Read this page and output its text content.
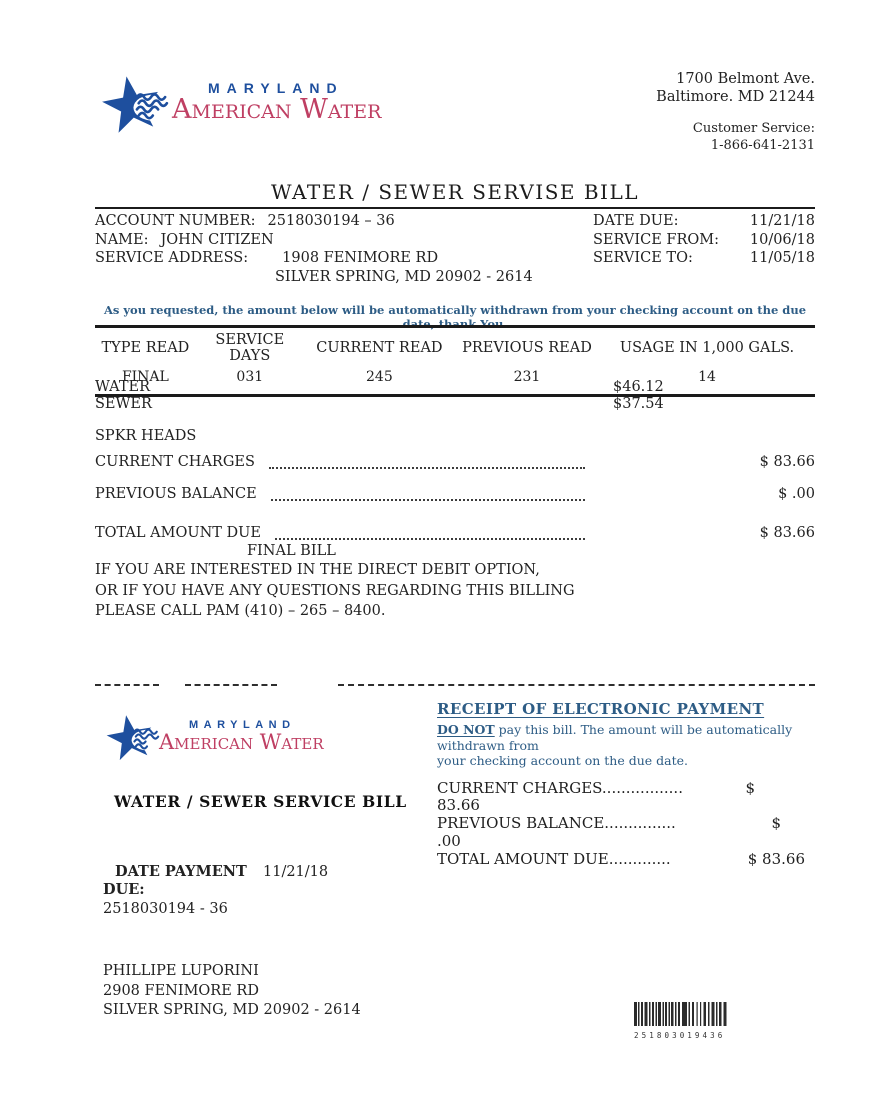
MARYLAND
American Water
1700 Belmont Ave.
Baltimore. MD 21244
Customer Service:
1-866-641-2131
WATER / SEWER SERVISE BILL
ACCOUNT NUMBER: 2518030194 – 36
NAME: JOHN CITIZEN
SERVICE ADDRESS: 1908 FENIMORE RD
SILVER SPRING, MD 20902 - 2614
DATE DUE:	11/21/18
SERVICE FROM: 10/06/18
SERVICE TO:	11/05/18
As you requested, the amount below will be automatically withdrawn from your checking account on the due date, thank You.
TYPE READ	SERVICE DAYS	CURRENT READ	PREVIOUS READ	USAGE IN 1,000 GALS.
FINAL	031	245	231	14
WATER	$46.12
SEWER	$37.54
SPKR HEADS
CURRENT CHARGES	$ 83.66
PREVIOUS BALANCE	$ .00
TOTAL AMOUNT DUE	$ 83.66
FINAL BILL
IF YOU ARE INTERESTED IN THE DIRECT DEBIT OPTION,
OR IF YOU HAVE ANY QUESTIONS REGARDING THIS BILLING
PLEASE CALL PAM (410) – 265 – 8400.
MARYLAND
American Water
WATER / SEWER SERVICE BILL
DATE PAYMENT DUE:
11/21/18
2518030194 - 36
PHILLIPE LUPORINI
2908 FENIMORE RD
SILVER SPRING, MD 20902 - 2614
RECEIPT OF ELECTRONIC PAYMENT
DO NOT pay this bill. The amount will be automatically
withdrawn from
your checking account on the due date.
CURRENT CHARGES.................	$
83.66
PREVIOUS BALANCE...............	$
.00
TOTAL AMOUNT DUE.............	$ 83.66
251803019436
